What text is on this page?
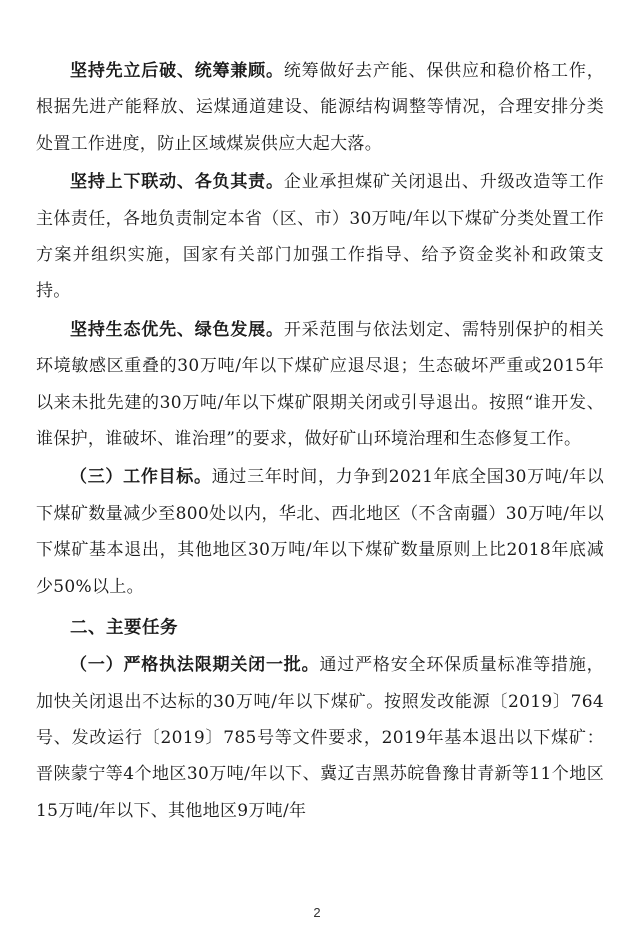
坚持先立后破、统筹兼顾。统筹做好去产能、保供应和稳价格工作，根据先进产能释放、运煤通道建设、能源结构调整等情况，合理安排分类处置工作进度，防止区域煤炭供应大起大落。

坚持上下联动、各负其责。企业承担煤矿关闭退出、升级改造等工作主体责任，各地负责制定本省（区、市）30万吨/年以下煤矿分类处置工作方案并组织实施，国家有关部门加强工作指导、给予资金奖补和政策支持。

坚持生态优先、绿色发展。开采范围与依法划定、需特别保护的相关环境敏感区重叠的30万吨/年以下煤矿应退尽退；生态破坏严重或2015年以来未批先建的30万吨/年以下煤矿限期关闭或引导退出。按照“谁开发、谁保护，谁破坏、谁治理”的要求，做好矿山环境治理和生态修复工作。

（三）工作目标。通过三年时间，力争到2021年底全国30万吨/年以下煤矿数量减少至800处以内，华北、西北地区（不含南疆）30万吨/年以下煤矿基本退出，其他地区30万吨/年以下煤矿数量原则上比2018年底减少50%以上。

二、主要任务

（一）严格执法限期关闭一批。通过严格安全环保质量标准等措施，加快关闭退出不达标的30万吨/年以下煤矿。按照发改能源〔2019〕764号、发改运行〔2019〕785号等文件要求，2019年基本退出以下煤矿：晋陕蒙宁等4个地区30万吨/年以下、冀辽吉黑苏皖鲁豫甘青新等11个地区15万吨/年以下、其他地区9万吨/年

2
